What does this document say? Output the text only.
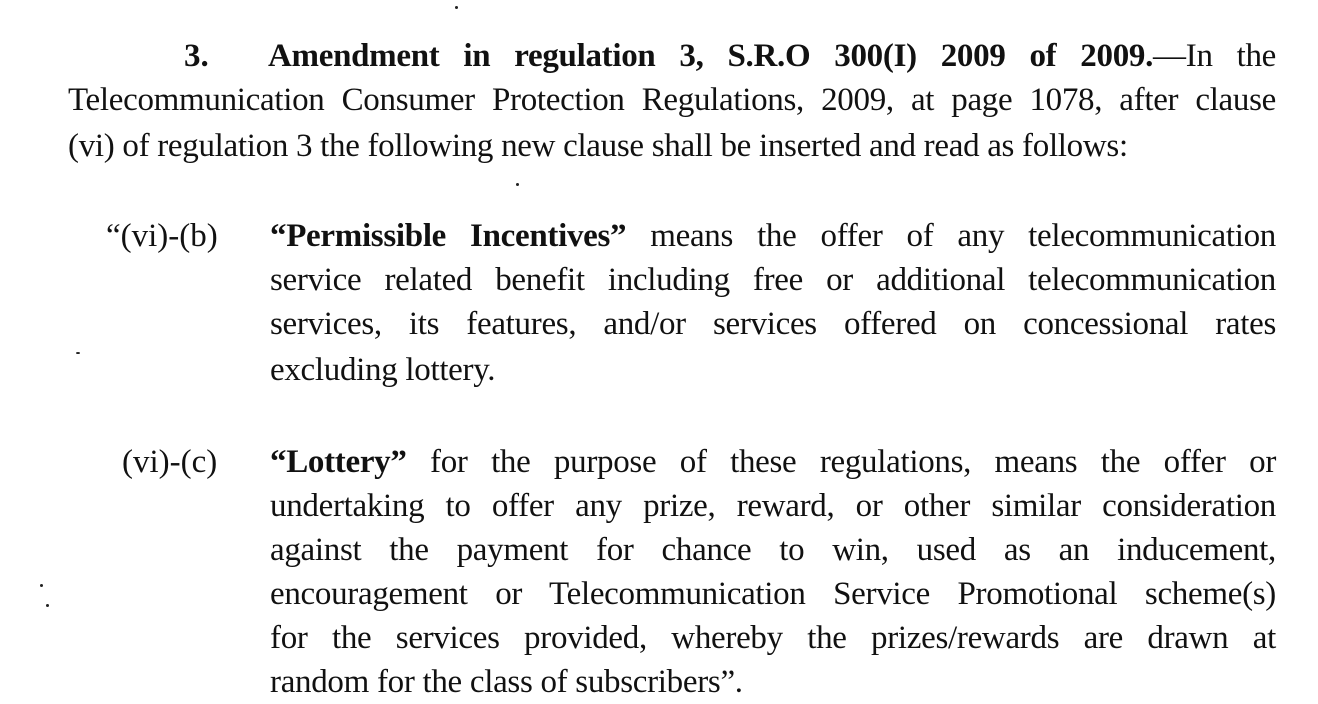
3. Amendment in regulation 3, S.R.O 300(I) 2009 of 2009.—In the
Telecommunication Consumer Protection Regulations, 2009, at page 1078, after clause
(vi) of regulation 3 the following new clause shall be inserted and read as follows:
“(vi)-(b) “Permissible Incentives” means the offer of any telecommunication
service related benefit including free or additional telecommunication
services, its features, and/or services offered on concessional rates
excluding lottery.
(vi)-(c) “Lottery” for the purpose of these regulations, means the offer or
undertaking to offer any prize, reward, or other similar consideration
against the payment for chance to win, used as an inducement,
encouragement or Telecommunication Service Promotional scheme(s)
for the services provided, whereby the prizes/rewards are drawn at
random for the class of subscribers”.
